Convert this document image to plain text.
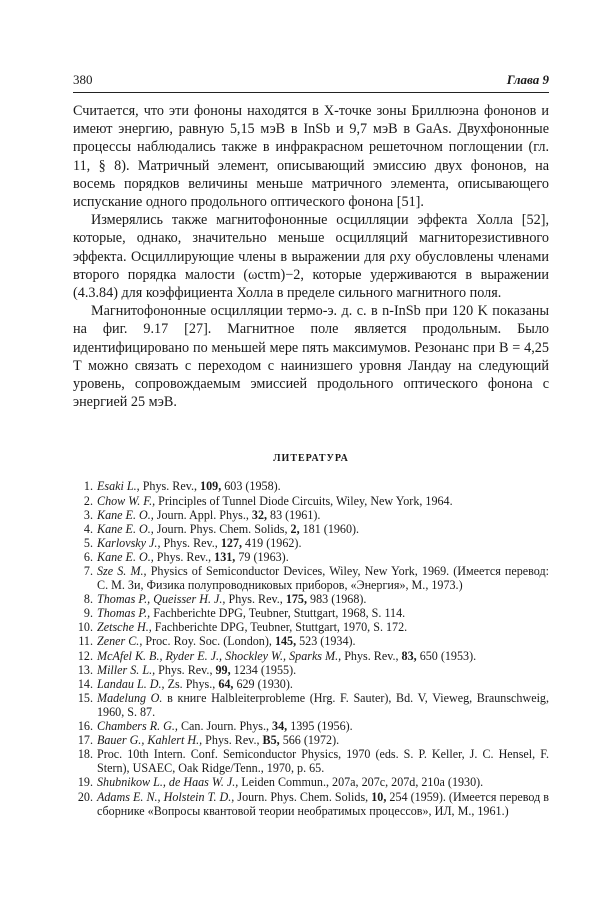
380	Глава 9

Считается, что эти фононы находятся в X-точке зоны Бриллюэна фононов и имеют энергию, равную 5,15 мэВ в InSb и 9,7 мэВ в GaAs. Двухфононные процессы наблюдались также в инфракрасном решеточном поглощении (гл. 11, § 8). Матричный элемент, описывающий эмиссию двух фононов, на восемь порядков величины меньше матричного элемента, описывающего испускание одного продольного оптического фонона [51].

Измерялись также магнитофононные осцилляции эффекта Холла [52], которые, однако, значительно меньше осцилляций магниторезистивного эффекта. Осциллирующие члены в выражении для ρxy обусловлены членами второго порядка малости (ωcτm)−2, которые удерживаются в выражении (4.3.84) для коэффициента Холла в пределе сильного магнитного поля.

Магнитофононные осцилляции термо-э. д. с. в n-InSb при 120 K показаны на фиг. 9.17 [27]. Магнитное поле является продольным. Было идентифицировано по меньшей мере пять максимумов. Резонанс при B = 4,25 T можно связать с переходом с наинизшего уровня Ландау на следующий уровень, сопровождаемым эмиссией продольного оптического фонона с энергией 25 мэВ.

ЛИТЕРАТУРА
1. Esaki L., Phys. Rev., 109, 603 (1958).
2. Chow W. F., Principles of Tunnel Diode Circuits, Wiley, New York, 1964.
3. Kane E. O., Journ. Appl. Phys., 32, 83 (1961).
4. Kane E. O., Journ. Phys. Chem. Solids, 2, 181 (1960).
5. Karlovsky J., Phys. Rev., 127, 419 (1962).
6. Kane E. O., Phys. Rev., 131, 79 (1963).
7. Sze S. M., Physics of Semiconductor Devices, Wiley, New York, 1969. (Имеется перевод: С. М. Зи, Физика полупроводниковых приборов, «Энергия», М., 1973.)
8. Thomas P., Queisser H. J., Phys. Rev., 175, 983 (1968).
9. Thomas P., Fachberichte DPG, Teubner, Stuttgart, 1968, S. 114.
10. Zetsche H., Fachberichte DPG, Teubner, Stuttgart, 1970, S. 172.
11. Zener C., Proc. Roy. Soc. (London), 145, 523 (1934).
12. McAfel K. B., Ryder E. J., Shockley W., Sparks M., Phys. Rev., 83, 650 (1953).
13. Miller S. L., Phys. Rev., 99, 1234 (1955).
14. Landau L. D., Zs. Phys., 64, 629 (1930).
15. Madelung O. в книге Halbleiterprobleme (Hrg. F. Sauter), Bd. V, Vieweg, Braunschweig, 1960, S. 87.
16. Chambers R. G., Can. Journ. Phys., 34, 1395 (1956).
17. Bauer G., Kahlert H., Phys. Rev., B5, 566 (1972).
18. Proc. 10th Intern. Conf. Semiconductor Physics, 1970 (eds. S. P. Keller, J. C. Hensel, F. Stern), USAEC, Oak Ridge/Tenn., 1970, p. 65.
19. Shubnikow L., de Haas W. J., Leiden Commun., 207a, 207c, 207d, 210a (1930).
20. Adams E. N., Holstein T. D., Journ. Phys. Chem. Solids, 10, 254 (1959). (Имеется перевод в сборнике «Вопросы квантовой теории необратимых процессов», ИЛ, М., 1961.)
